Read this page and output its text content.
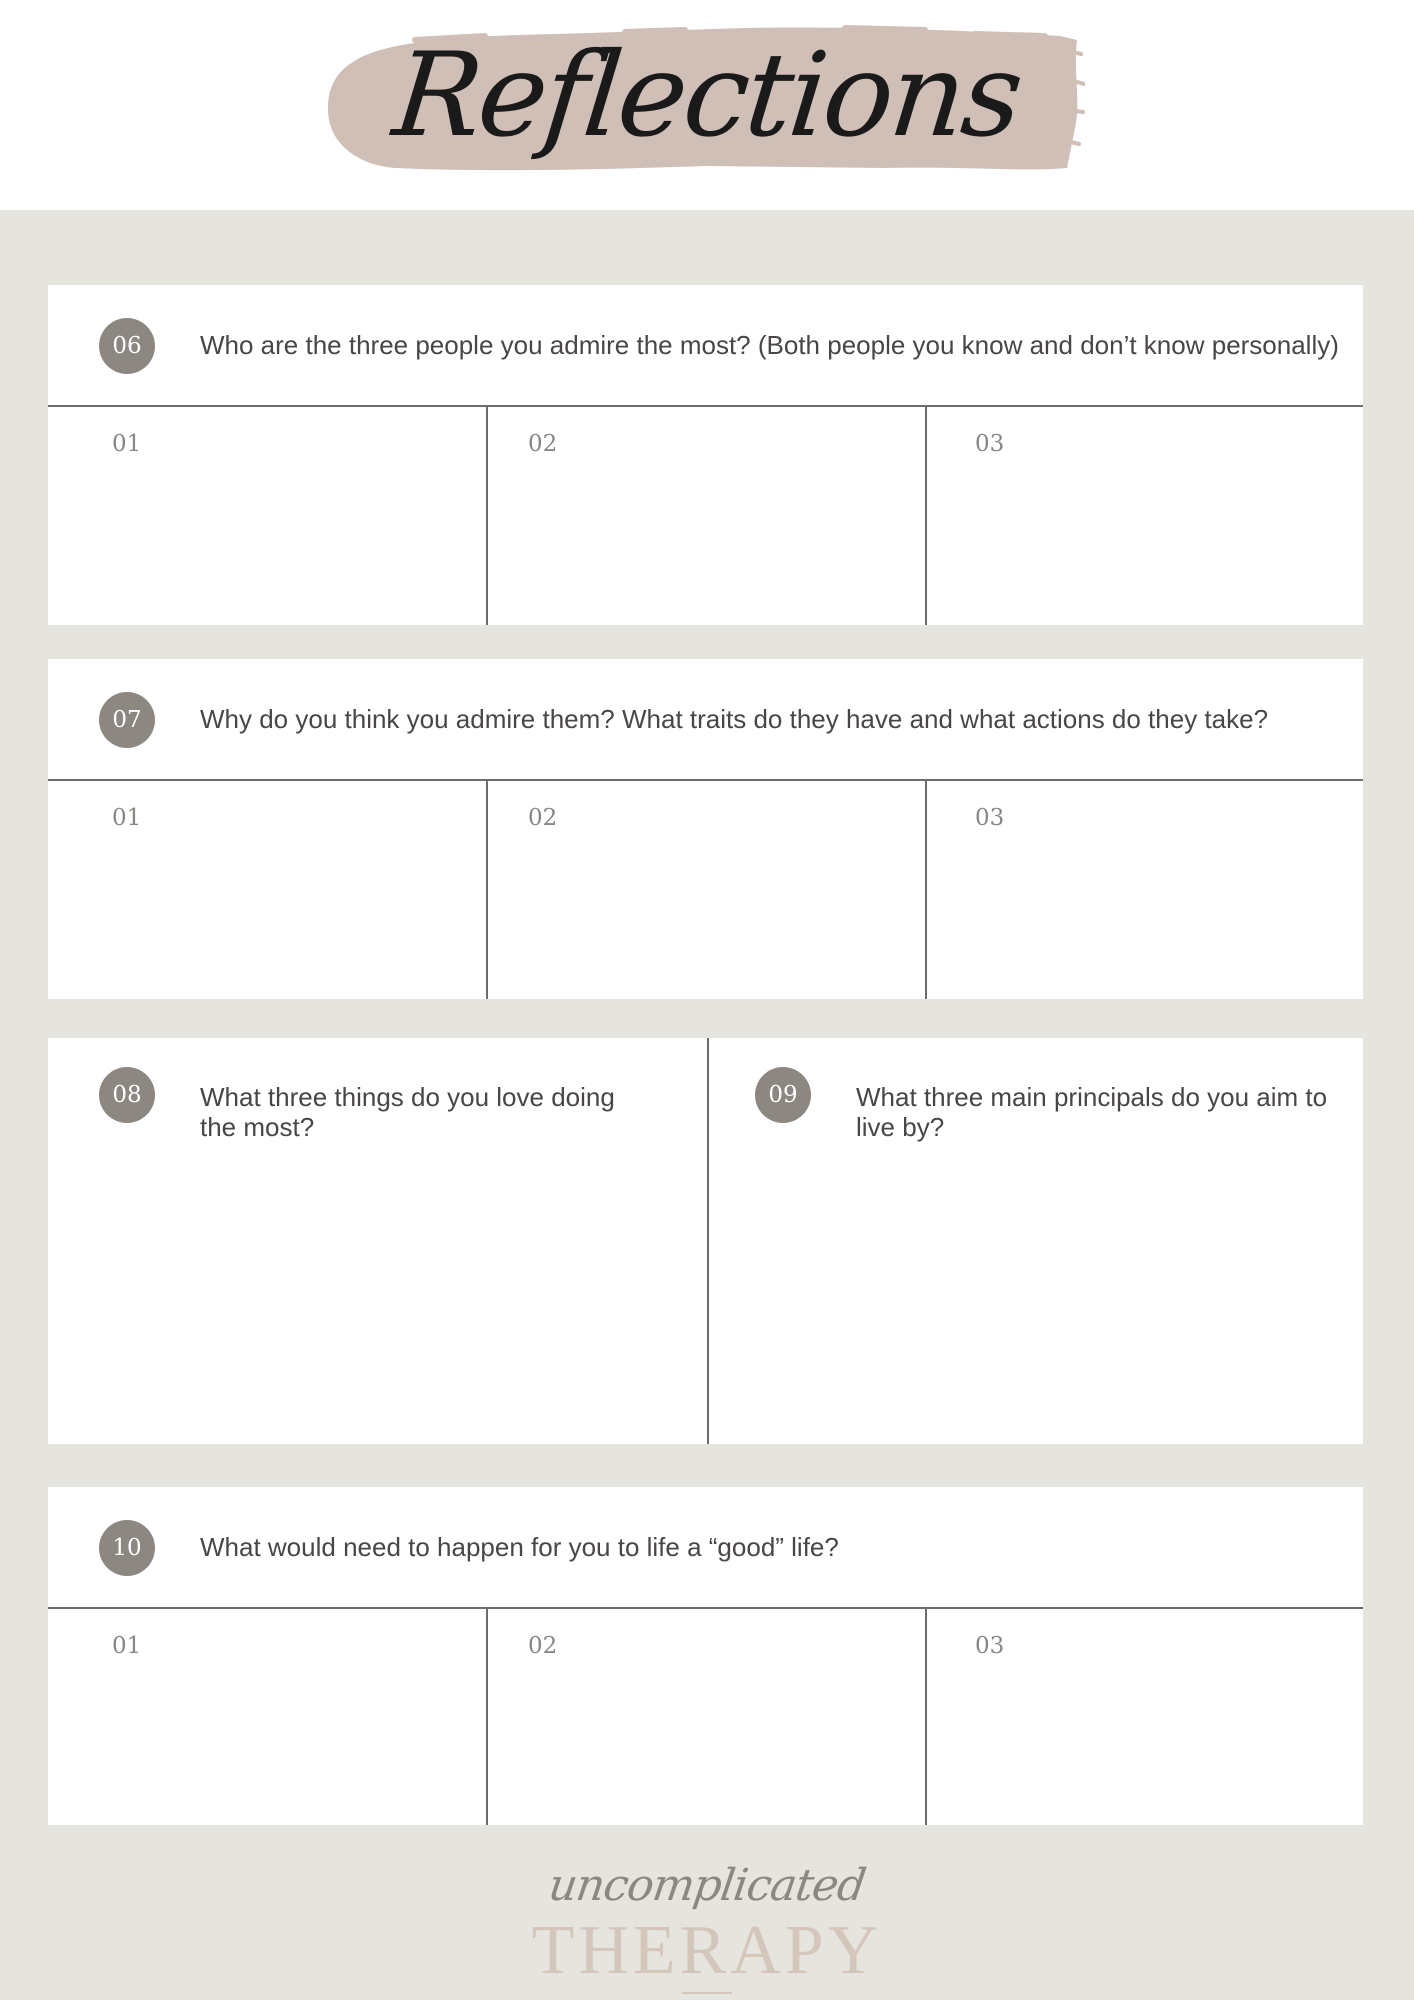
Reflections
06	Who are the three people you admire the most? (Both people you know and don’t know personally)
01	02	03
07	Why do you think you admire them? What traits do they have and what actions do they take?
01	02	03
08	What three things do you love doing the most?
09	What three main principals do you aim to live by?
10	What would need to happen for you to life a “good” life?
01	02	03
uncomplicated
THERAPY
